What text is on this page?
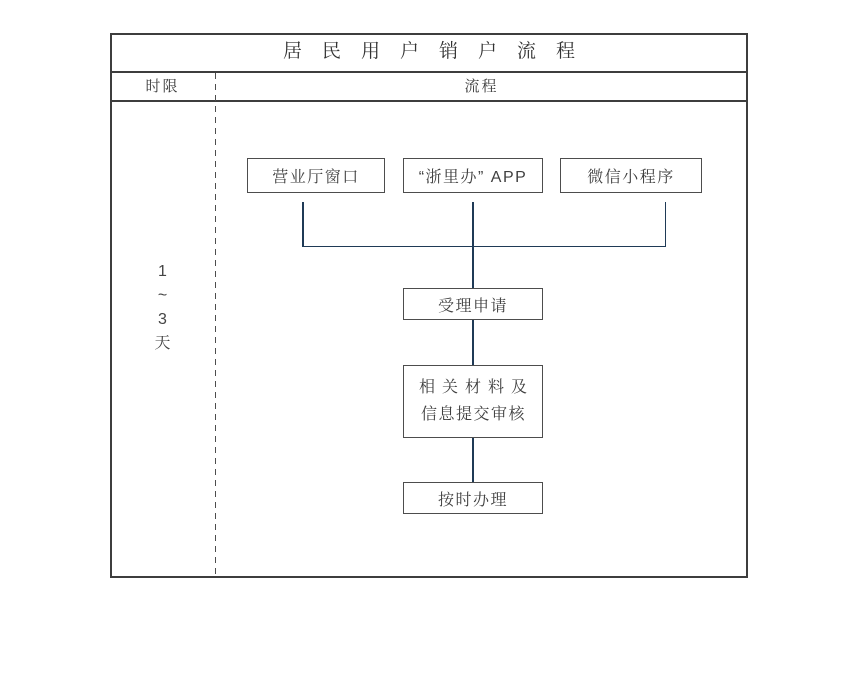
居民用户销户流程
时限	流程
1
~
3
天
营业厅窗口	“浙里办” APP	微信小程序
受理申请
相关材料及
信息提交审核
按时办理
